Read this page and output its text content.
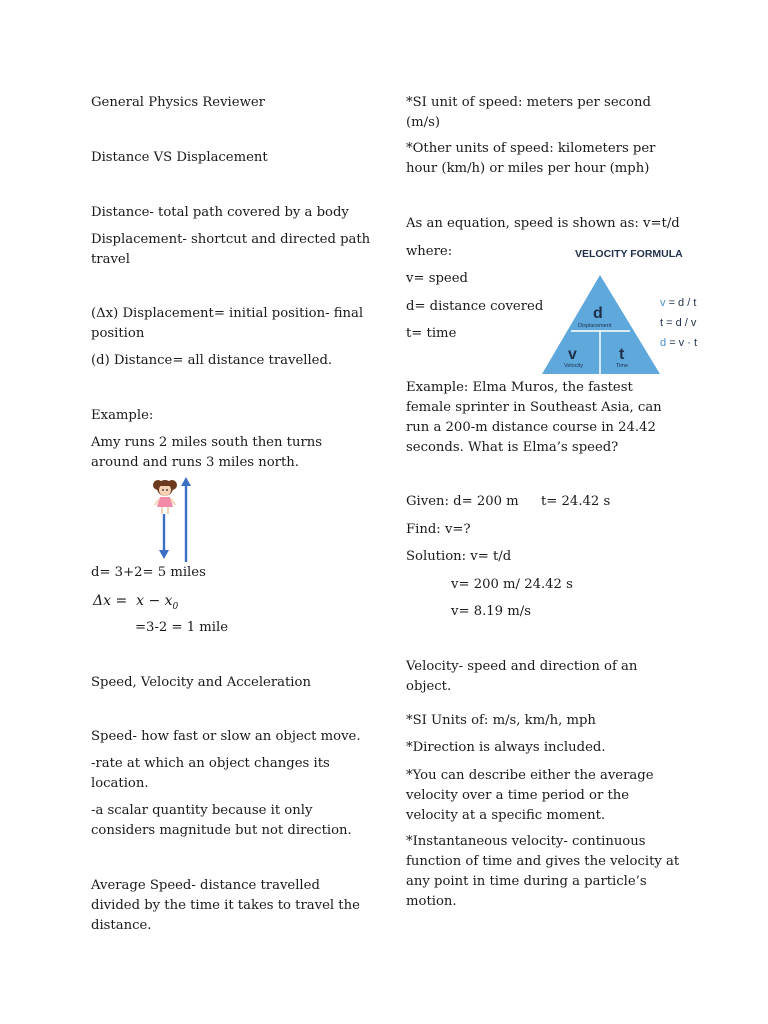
General Physics Reviewer

Distance VS Displacement

Distance- total path covered by a body

Displacement- shortcut and directed path travel

(Δx) Displacement= initial position- final position

(d) Distance= all distance travelled.

Example:

Amy runs 2 miles south then turns around and runs 3 miles north.

d= 3+2= 5 miles

$\Delta x = x - x_0$

=3-2 = 1 mile

Speed, Velocity and Acceleration

Speed- how fast or slow an object move.

-rate at which an object changes its location.

-a scalar quantity because it only considers magnitude but not direction.

Average Speed- distance travelled divided by the time it takes to travel the distance.

*SI unit of speed: meters per second (m/s)

*Other units of speed: kilometers per hour (km/h) or miles per hour (mph)

As an equation, speed is shown as: v=t/d

where:

v= speed

d= distance covered

t= time

VELOCITY FORMULA
d
Displacement
v
Velocity
t
Time
v = d / t
t = d / v
d = v · t

Example: Elma Muros, the fastest female sprinter in Southeast Asia, can run a 200-m distance course in 24.42 seconds. What is Elma’s speed?

Given: d= 200 m	t= 24.42 s

Find: v=?

Solution: v= t/d

v= 200 m/ 24.42 s

v= 8.19 m/s

Velocity- speed and direction of an object.

*SI Units of: m/s, km/h, mph

*Direction is always included.

*You can describe either the average velocity over a time period or the velocity at a specific moment.

*Instantaneous velocity- continuous function of time and gives the velocity at any point in time during a particle’s motion.
